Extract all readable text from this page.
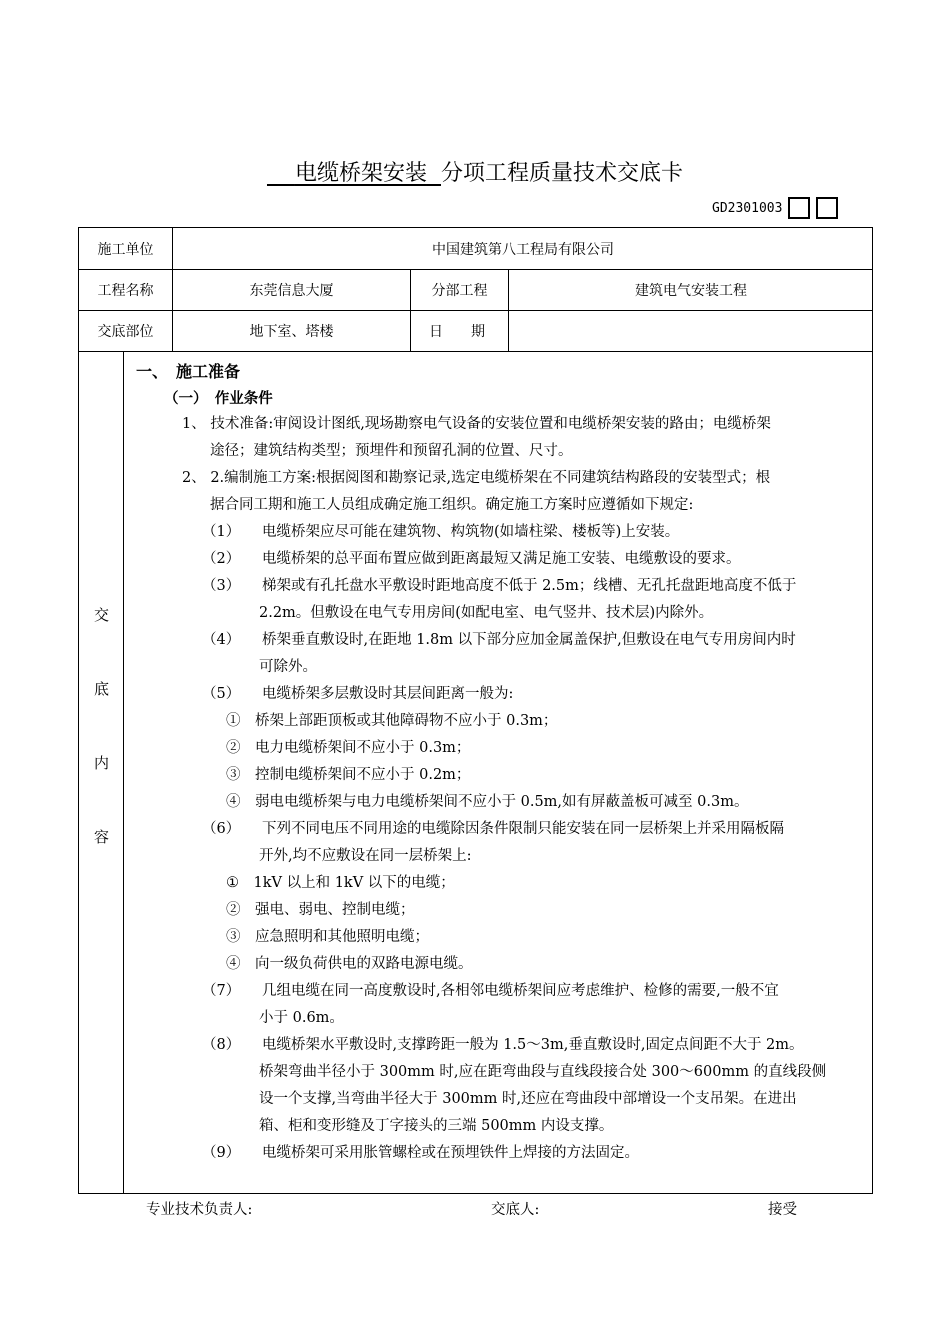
电缆桥架安装 分项工程质量技术交底卡
GD2301003
施工单位	中国建筑第八工程局有限公司
工程名称	东莞信息大厦	分部工程	建筑电气安装工程
交底部位	地下室、塔楼	日　　期
交
底
内
容
一、　施工准备
（一）　作业条件
1、 技术准备:审阅设计图纸,现场勘察电气设备的安装位置和电缆桥架安装的路由；电缆桥架
途径；建筑结构类型；预埋件和预留孔洞的位置、尺寸。
2、 2.编制施工方案:根据阅图和勘察记录,选定电缆桥架在不同建筑结构路段的安装型式；根
据合同工期和施工人员组成确定施工组织。确定施工方案时应遵循如下规定:
（1）　　电缆桥架应尽可能在建筑物、构筑物(如墙柱梁、楼板等)上安装。
（2）　　电缆桥架的总平面布置应做到距离最短又满足施工安装、电缆敷设的要求。
（3）　　梯架或有孔托盘水平敷设时距地高度不低于 2.5m；线槽、无孔托盘距地高度不低于
2.2m。但敷设在电气专用房间(如配电室、电气竖井、技术层)内除外。
（4）　　桥架垂直敷设时,在距地 1.8m 以下部分应加金属盖保护,但敷设在电气专用房间内时
可除外。
（5）　　电缆桥架多层敷设时其层间距离一般为:
①　桥架上部距顶板或其他障碍物不应小于 0.3m；
②　电力电缆桥架间不应小于 0.3m；
③　控制电缆桥架间不应小于 0.2m；
④　弱电电缆桥架与电力电缆桥架间不应小于 0.5m,如有屏蔽盖板可减至 0.3m。
（6）　　下列不同电压不同用途的电缆除因条件限制只能安装在同一层桥架上并采用隔板隔
开外,均不应敷设在同一层桥架上:
①　1kV 以上和 1kV 以下的电缆；
②　强电、弱电、控制电缆；
③　应急照明和其他照明电缆；
④　向一级负荷供电的双路电源电缆。
（7）　　几组电缆在同一高度敷设时,各相邻电缆桥架间应考虑维护、检修的需要,一般不宜
小于 0.6m。
（8）　　电缆桥架水平敷设时,支撑跨距一般为 1.5～3m,垂直敷设时,固定点间距不大于 2m。
桥架弯曲半径小于 300mm 时,应在距弯曲段与直线段接合处 300～600mm 的直线段侧
设一个支撑,当弯曲半径大于 300mm 时,还应在弯曲段中部增设一个支吊架。在进出
箱、柜和变形缝及丁字接头的三端 500mm 内设支撑。
（9）　　电缆桥架可采用胀管螺栓或在预埋铁件上焊接的方法固定。
专业技术负责人:	交底人:	接受
